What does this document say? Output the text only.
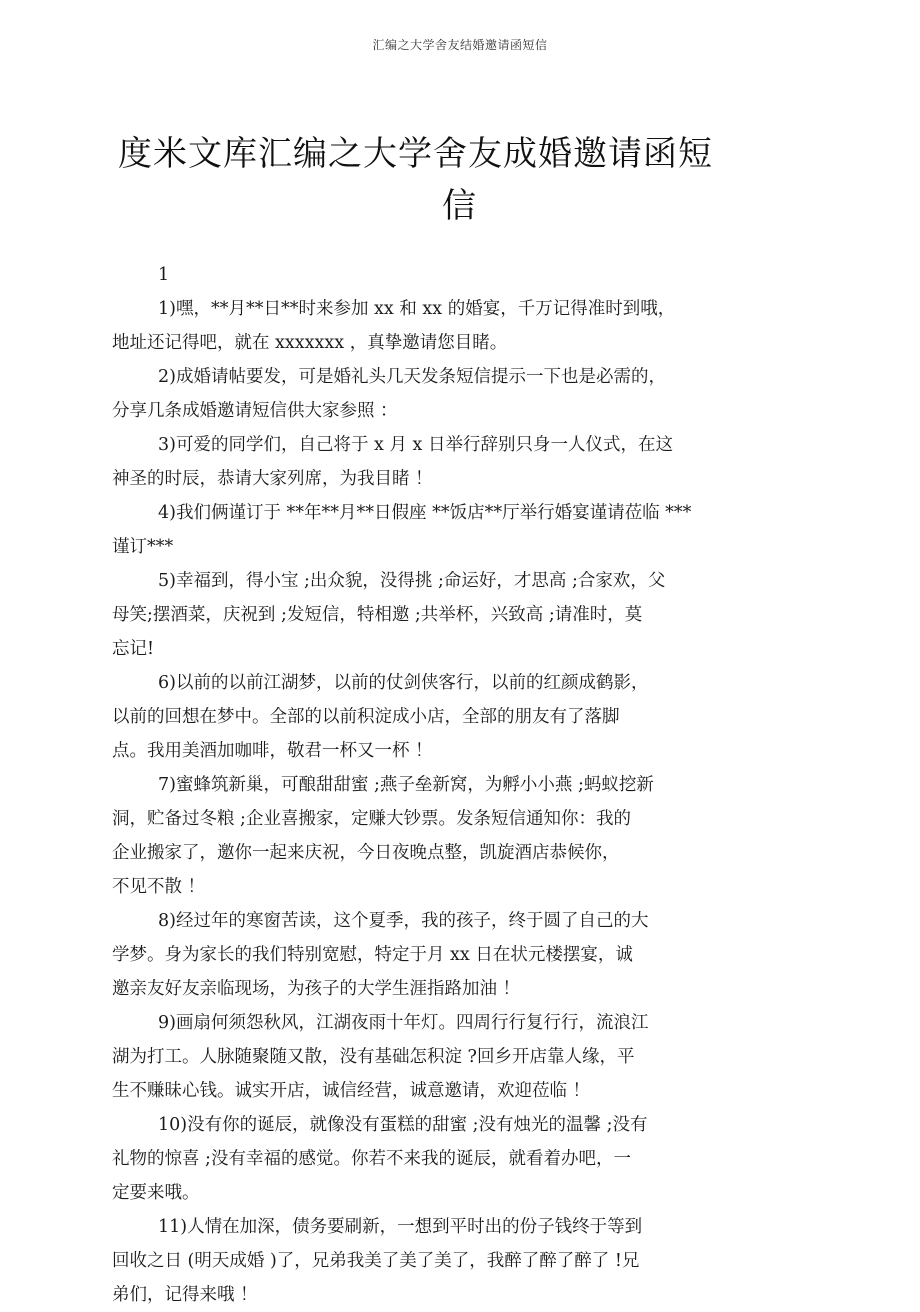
汇编之大学舍友结婚邀请函短信
度米文库汇编之大学舍友成婚邀请函短
信
1
1)嘿，**月**日**时来参加 xx 和 xx 的婚宴，千万记得准时到哦，
地址还记得吧，就在 xxxxxxx ，真挚邀请您目睹。
2)成婚请帖要发，可是婚礼头几天发条短信提示一下也是必需的，
分享几条成婚邀请短信供大家参照 ：
3)可爱的同学们，自己将于 x 月 x 日举行辞别只身一人仪式，在这
神圣的时辰，恭请大家列席，为我目睹 ！
4)我们俩谨订于 **年**月**日假座 **饭店**厅举行婚宴谨请莅临 ***
谨订***
5)幸福到，得小宝 ;出众貌，没得挑 ;命运好，才思高 ;合家欢，父
母笑;摆酒菜，庆祝到 ;发短信，特相邀 ;共举杯，兴致高 ;请准时，莫
忘记!
6)以前的以前江湖梦，以前的仗剑侠客行，以前的红颜成鹤影，
以前的回想在梦中。全部的以前积淀成小店，全部的朋友有了落脚
点。我用美酒加咖啡，敬君一杯又一杯 ！
7)蜜蜂筑新巢，可酿甜甜蜜 ;燕子垒新窝，为孵小小燕 ;蚂蚁挖新
洞，贮备过冬粮 ;企业喜搬家，定赚大钞票。发条短信通知你：我的
企业搬家了，邀你一起来庆祝，今日夜晚点整，凯旋酒店恭候你，
不见不散 ！
8)经过年的寒窗苦读，这个夏季，我的孩子，终于圆了自己的大
学梦。身为家长的我们特别宽慰，特定于月 xx 日在状元楼摆宴，诚
邀亲友好友亲临现场，为孩子的大学生涯指路加油 ！
9)画扇何须怨秋风，江湖夜雨十年灯。四周行行复行行，流浪江
湖为打工。人脉随聚随又散，没有基础怎积淀 ?回乡开店靠人缘，平
生不赚昧心钱。诚实开店，诚信经营，诚意邀请，欢迎莅临 ！
10)没有你的诞辰，就像没有蛋糕的甜蜜 ;没有烛光的温馨 ;没有
礼物的惊喜 ;没有幸福的感觉。你若不来我的诞辰，就看着办吧，一
定要来哦。
11)人情在加深，债务要刷新，一想到平时出的份子钱终于等到
回收之日 (明天成婚 )了，兄弟我美了美了美了，我醉了醉了醉了 !兄
弟们，记得来哦 ！
